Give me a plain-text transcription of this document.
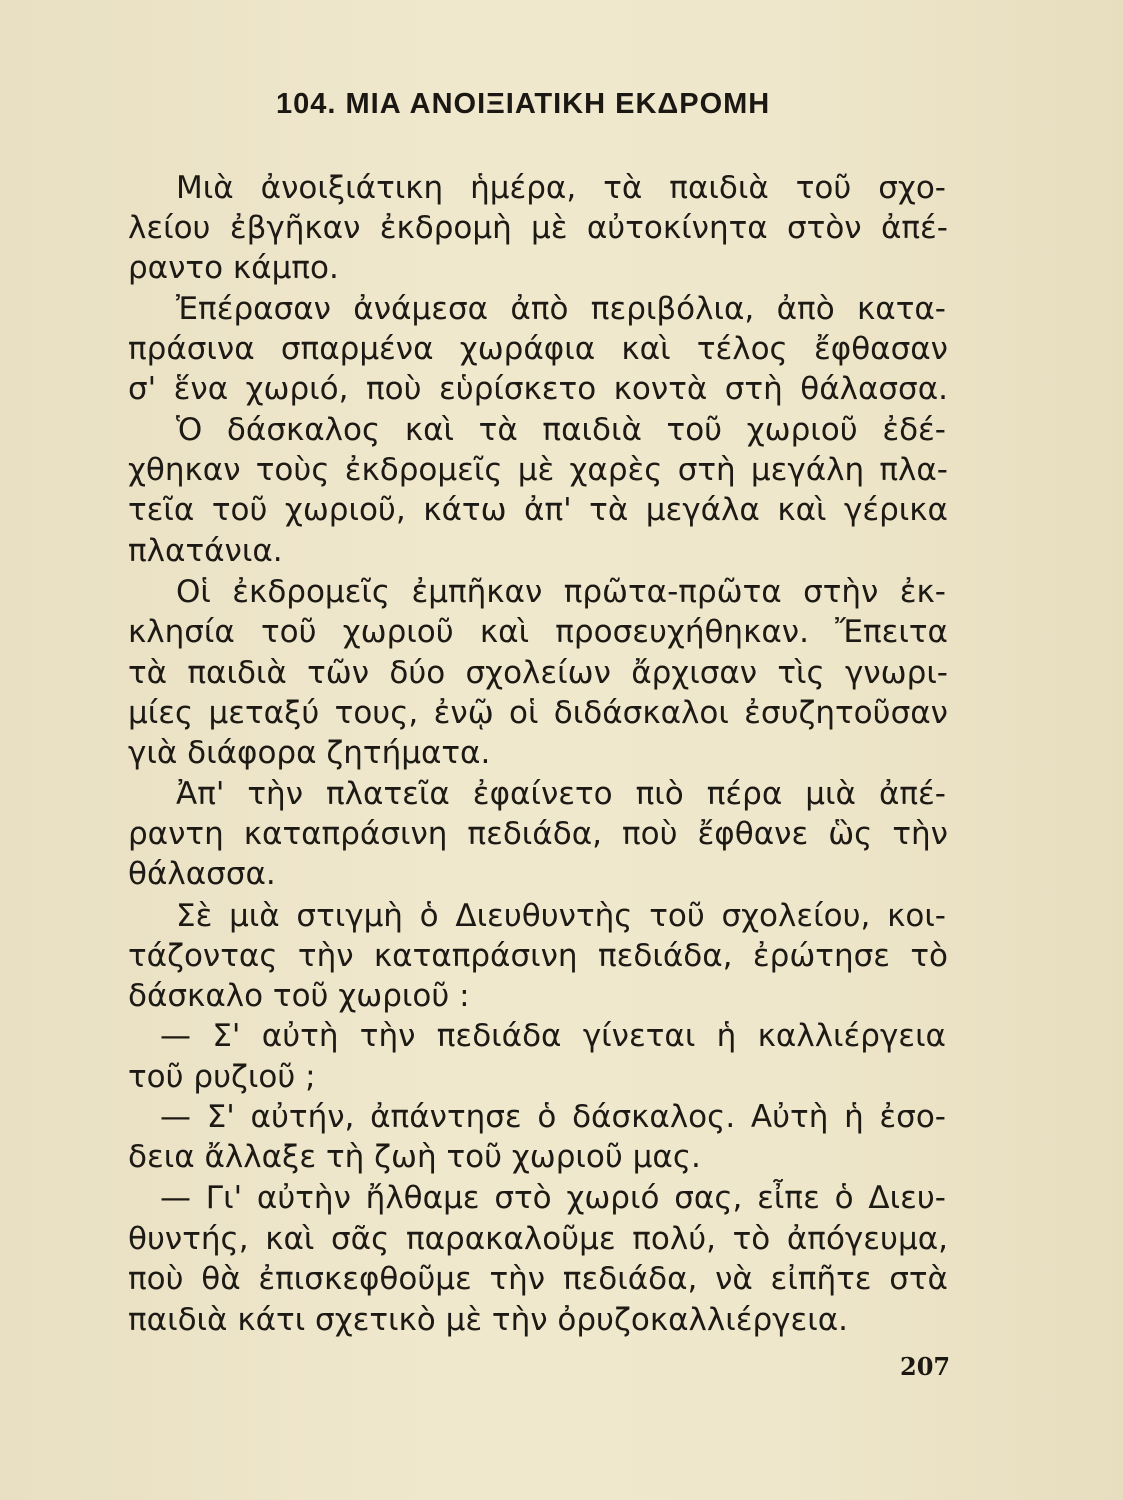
104. ΜΙΑ ΑΝΟΙΞΙΑΤΙΚΗ ΕΚΔΡΟΜΗ
Μιὰ ἀνοιξιάτικη ἡμέρα, τὰ παιδιὰ τοῦ σχο-
λείου ἐβγῆκαν ἐκδρομὴ μὲ αὐτοκίνητα στὸν ἀπέ-
ραντο κάμπο.
Ἐπέρασαν ἀνάμεσα ἀπὸ περιβόλια, ἀπὸ κατα-
πράσινα σπαρμένα χωράφια καὶ τέλος ἔφθασαν
σ' ἕνα χωριό, ποὺ εὑρίσκετο κοντὰ στὴ θάλασσα.
Ὁ δάσκαλος καὶ τὰ παιδιὰ τοῦ χωριοῦ ἐδέ-
χθηκαν τοὺς ἐκδρομεῖς μὲ χαρὲς στὴ μεγάλη πλα-
τεῖα τοῦ χωριοῦ, κάτω ἀπ' τὰ μεγάλα καὶ γέρικα
πλατάνια.
Οἱ ἐκδρομεῖς ἐμπῆκαν πρῶτα-πρῶτα στὴν ἐκ-
κλησία τοῦ χωριοῦ καὶ προσευχήθηκαν. Ἔπειτα
τὰ παιδιὰ τῶν δύο σχολείων ἄρχισαν τὶς γνωρι-
μίες μεταξύ τους, ἐνῷ οἱ διδάσκαλοι ἐσυζητοῦσαν
γιὰ διάφορα ζητήματα.
Ἀπ' τὴν πλατεῖα ἐφαίνετο πιὸ πέρα μιὰ ἀπέ-
ραντη καταπράσινη πεδιάδα, ποὺ ἔφθανε ὣς τὴν
θάλασσα.
Σὲ μιὰ στιγμὴ ὁ Διευθυντὴς τοῦ σχολείου, κοι-
τάζοντας τὴν καταπράσινη πεδιάδα, ἐρώτησε τὸ
δάσκαλο τοῦ χωριοῦ :
— Σ' αὐτὴ τὴν πεδιάδα γίνεται ἡ καλλιέργεια
τοῦ ρυζιοῦ ;
— Σ' αὐτήν, ἀπάντησε ὁ δάσκαλος. Αὐτὴ ἡ ἐσο-
δεια ἄλλαξε τὴ ζωὴ τοῦ χωριοῦ μας.
— Γι' αὐτὴν ἤλθαμε στὸ χωριό σας, εἶπε ὁ Διευ-
θυντής, καὶ σᾶς παρακαλοῦμε πολύ, τὸ ἀπόγευμα,
ποὺ θὰ ἐπισκεφθοῦμε τὴν πεδιάδα, νὰ εἰπῆτε στὰ
παιδιὰ κάτι σχετικὸ μὲ τὴν ὀρυζοκαλλιέργεια.
207
